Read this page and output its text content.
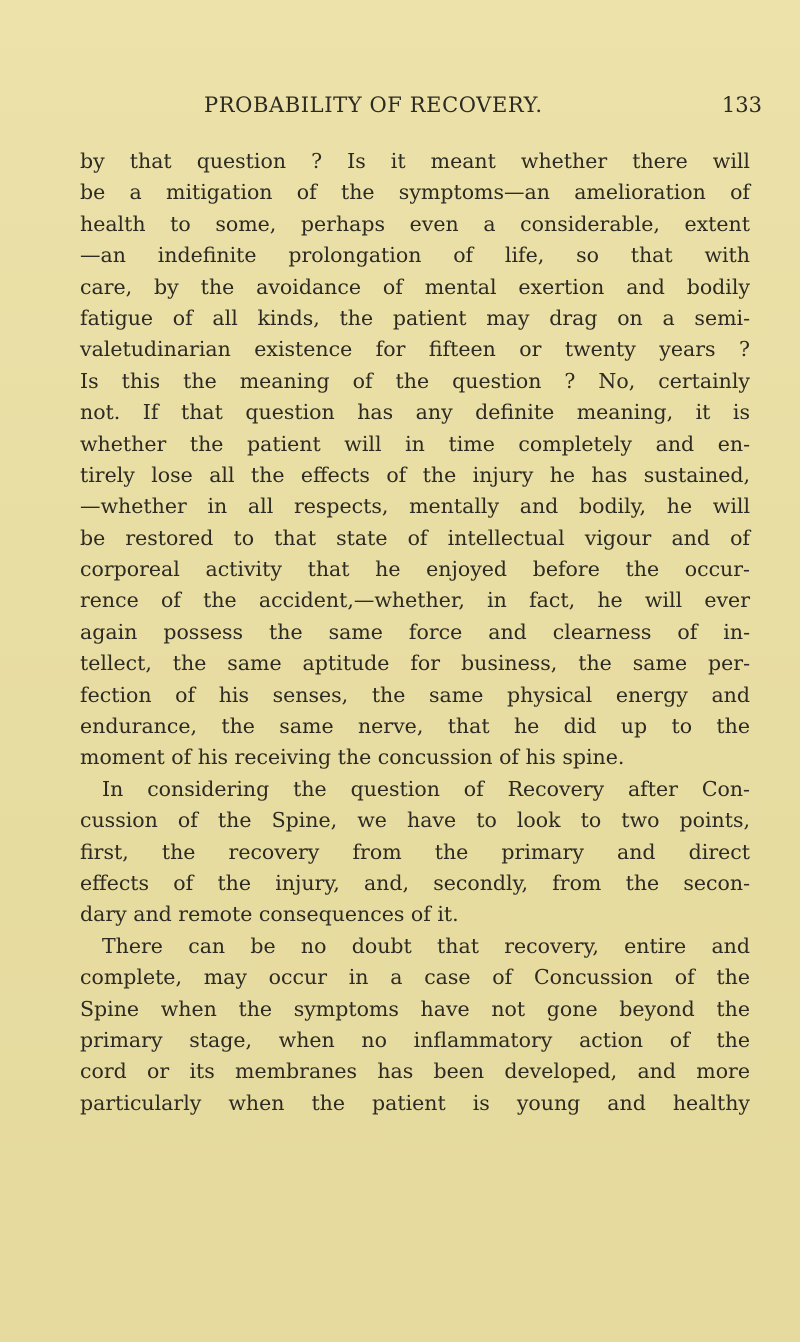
PROBABILITY OF RECOVERY.	133
by that question ? Is it meant whether there will
be a mitigation of the symptoms—an amelioration of
health to some, perhaps even a considerable, extent
—an indefinite prolongation of life, so that with
care, by the avoidance of mental exertion and bodily
fatigue of all kinds, the patient may drag on a semi-
valetudinarian existence for fifteen or twenty years ?
Is this the meaning of the question ? No, certainly
not. If that question has any definite meaning, it is
whether the patient will in time completely and en-
tirely lose all the effects of the injury he has sustained,
—whether in all respects, mentally and bodily, he will
be restored to that state of intellectual vigour and of
corporeal activity that he enjoyed before the occur-
rence of the accident,—whether, in fact, he will ever
again possess the same force and clearness of in-
tellect, the same aptitude for business, the same per-
fection of his senses, the same physical energy and
endurance, the same nerve, that he did up to the
moment of his receiving the concussion of his spine.
In considering the question of Recovery after Con-
cussion of the Spine, we have to look to two points,
first, the recovery from the primary and direct
effects of the injury, and, secondly, from the secon-
dary and remote consequences of it.
There can be no doubt that recovery, entire and
complete, may occur in a case of Concussion of the
Spine when the symptoms have not gone beyond the
primary stage, when no inflammatory action of the
cord or its membranes has been developed, and more
particularly when the patient is young and healthy
